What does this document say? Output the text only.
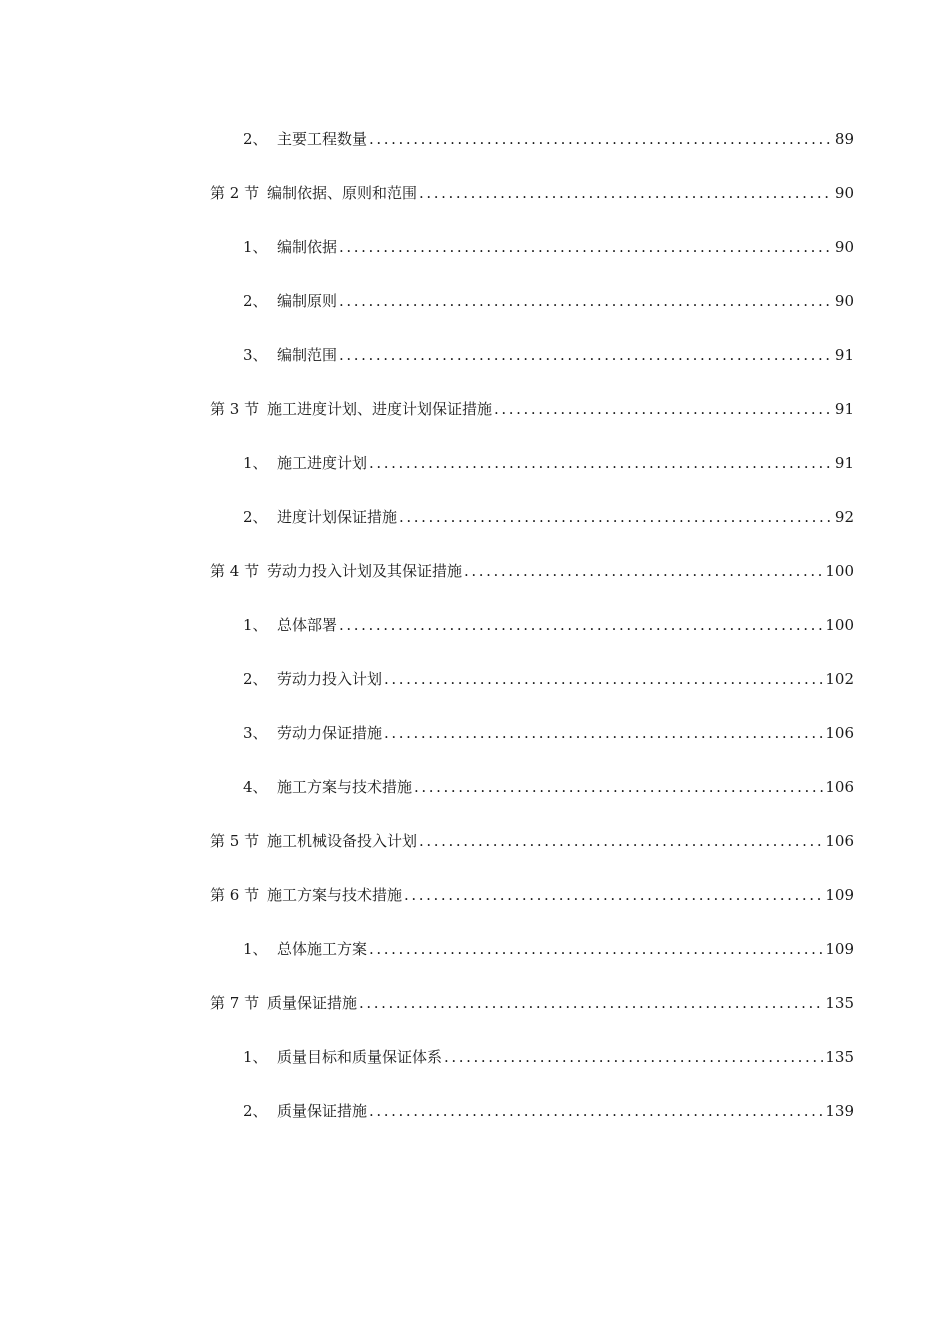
2、 主要工程数量 .....	89
第 2 节 编制依据、原则和范围 .....	90
1、 编制依据 .....	90
2、 编制原则 .....	90
3、 编制范围 .....	91
第 3 节 施工进度计划、进度计划保证措施 .....	91
1、 施工进度计划 .....	91
2、 进度计划保证措施 .....	92
第 4 节 劳动力投入计划及其保证措施 .....	100
1、 总体部署 .....	100
2、 劳动力投入计划 .....	102
3、 劳动力保证措施 .....	106
4、 施工方案与技术措施 .....	106
第 5 节 施工机械设备投入计划 .....	106
第 6 节 施工方案与技术措施 .....	109
1、 总体施工方案 .....	109
第 7 节 质量保证措施 .....	135
1、 质量目标和质量保证体系 .....	135
2、 质量保证措施 .....	139
